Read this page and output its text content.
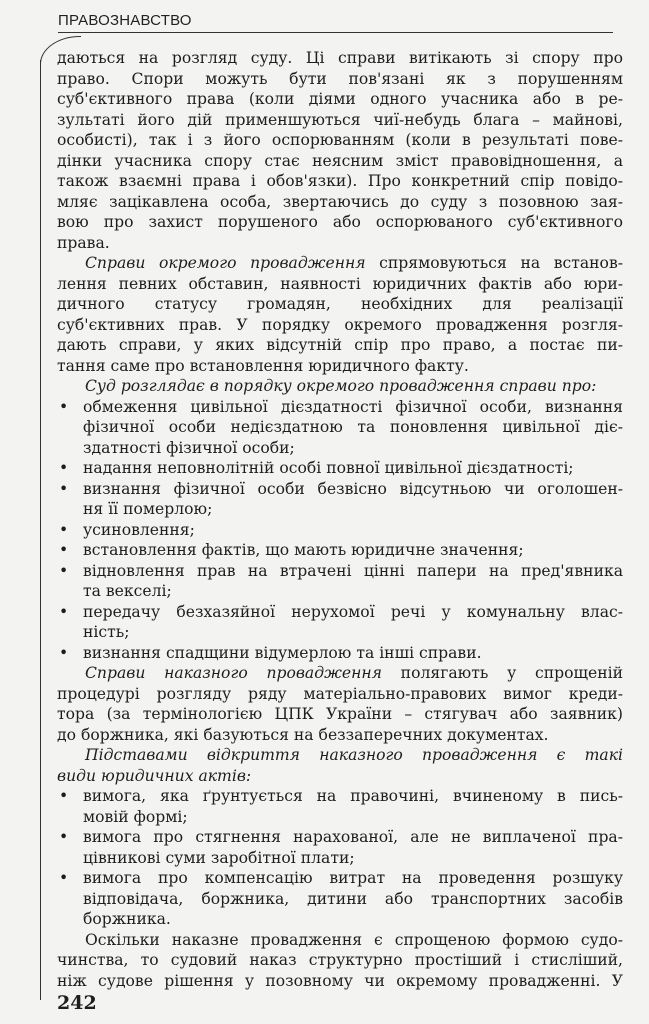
ПРАВОЗНАВСТВО
даються на розгляд суду. Ці справи витікають зі спору про
право. Спори можуть бути пов'язані як з порушенням
суб'єктивного права (коли діями одного учасника або в ре-
зультаті його дій применшуються чиї-небудь блага – майнові,
особисті), так і з його оспорюванням (коли в результаті пове-
дінки учасника спору стає неясним зміст правовідношення, а
також взаємні права і обов'язки). Про конкретний спір повідо-
мляє зацікавлена особа, звертаючись до суду з позовною зая-
вою про захист порушеного або оспорюваного суб'єктивного
права.
Справи окремого провадження спрямовуються на встанов-
лення певних обставин, наявності юридичних фактів або юри-
дичного статусу громадян, необхідних для реалізації
суб'єктивних прав. У порядку окремого провадження розгля-
дають справи, у яких відсутній спір про право, а постає пи-
тання саме про встановлення юридичного факту.
Суд розглядає в порядку окремого провадження справи про:
• обмеження цивільної дієздатності фізичної особи, визнання
фізичної особи недієздатною та поновлення цивільної діє-
здатності фізичної особи;
• надання неповнолітній особі повної цивільної дієздатності;
• визнання фізичної особи безвісно відсутньою чи оголошен-
ня її померлою;
• усиновлення;
• встановлення фактів, що мають юридичне значення;
• відновлення прав на втрачені цінні папери на пред'явника
та векселі;
• передачу безхазяйної нерухомої речі у комунальну влас-
ність;
• визнання спадщини відумерлою та інші справи.
Справи наказного провадження полягають у спрощеній
процедурі розгляду ряду матеріально-правових вимог креди-
тора (за термінологією ЦПК України – стягувач або заявник)
до боржника, які базуються на беззаперечних документах.
Підставами відкриття наказного провадження є такі
види юридичних актів:
• вимога, яка ґрунтується на правочині, вчиненому в пись-
мовій формі;
• вимога про стягнення нарахованої, але не виплаченої пра-
цівникові суми заробітної плати;
• вимога про компенсацію витрат на проведення розшуку
відповідача, боржника, дитини або транспортних засобів
боржника.
Оскільки наказне провадження є спрощеною формою судо-
чинства, то судовий наказ структурно простіший і стисліший,
ніж судове рішення у позовному чи окремому провадженні. У
242
